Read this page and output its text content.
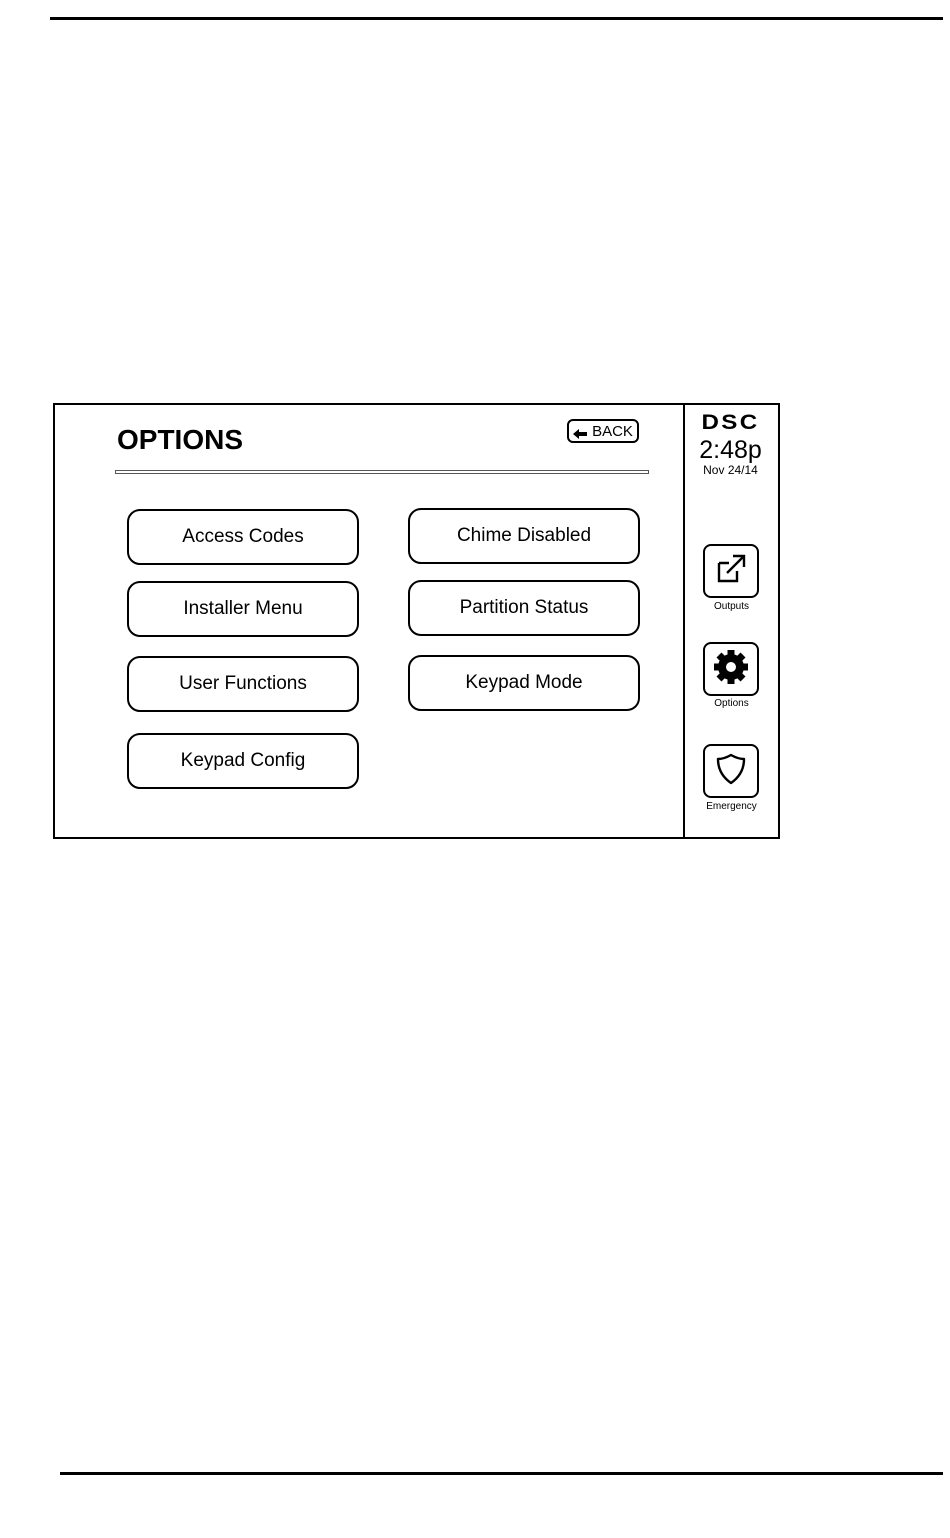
OPTIONS	BACK
Access Codes
Installer Menu
User Functions
Keypad Config
Chime Disabled
Partition Status
Keypad Mode
DSC
2:48p
Nov 24/14
Outputs
Options
Emergency
